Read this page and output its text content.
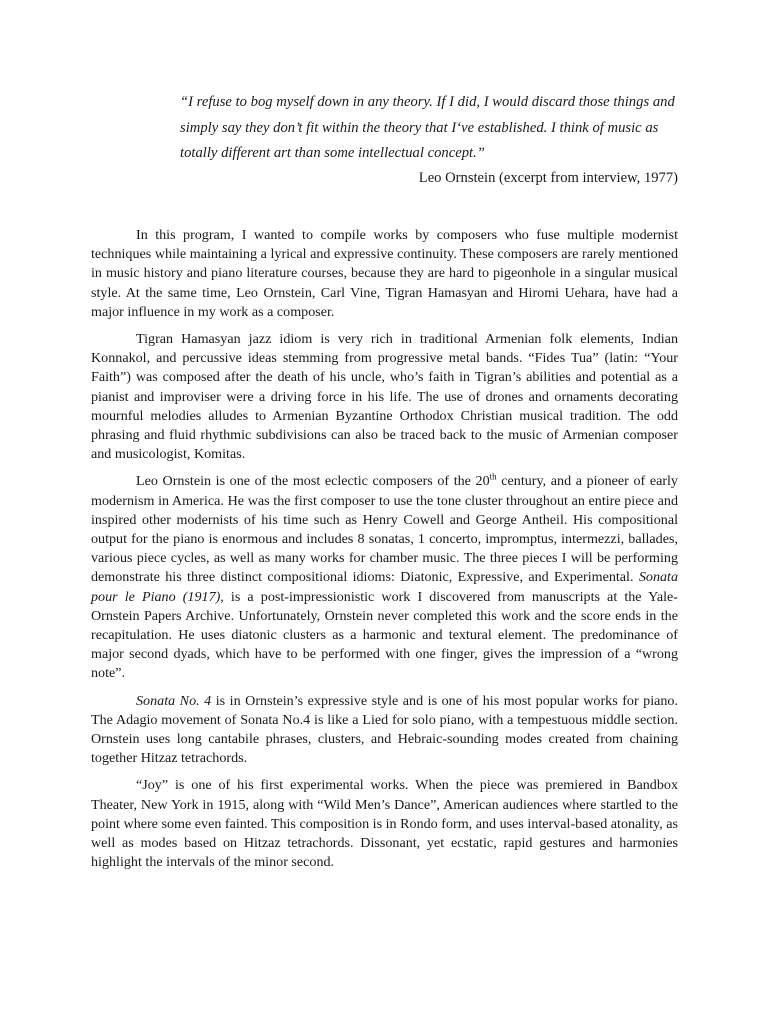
“I refuse to bog myself down in any theory. If I did, I would discard those things and simply say they don’t fit within the theory that I‘ve established. I think of music as totally different art than some intellectual concept.”

Leo Ornstein (excerpt from interview, 1977)

In this program, I wanted to compile works by composers who fuse multiple modernist techniques while maintaining a lyrical and expressive continuity. These composers are rarely mentioned in music history and piano literature courses, because they are hard to pigeonhole in a singular musical style. At the same time, Leo Ornstein, Carl Vine, Tigran Hamasyan and Hiromi Uehara, have had a major influence in my work as a composer.

Tigran Hamasyan jazz idiom is very rich in traditional Armenian folk elements, Indian Konnakol, and percussive ideas stemming from progressive metal bands. “Fides Tua” (latin: “Your Faith”) was composed after the death of his uncle, who’s faith in Tigran’s abilities and potential as a pianist and improviser were a driving force in his life. The use of drones and ornaments decorating mournful melodies alludes to Armenian Byzantine Orthodox Christian musical tradition. The odd phrasing and fluid rhythmic subdivisions can also be traced back to the music of Armenian composer and musicologist, Komitas.

Leo Ornstein is one of the most eclectic composers of the 20th century, and a pioneer of early modernism in America. He was the first composer to use the tone cluster throughout an entire piece and inspired other modernists of his time such as Henry Cowell and George Antheil. His compositional output for the piano is enormous and includes 8 sonatas, 1 concerto, impromptus, intermezzi, ballades, various piece cycles, as well as many works for chamber music. The three pieces I will be performing demonstrate his three distinct compositional idioms: Diatonic, Expressive, and Experimental. Sonata pour le Piano (1917), is a post-impressionistic work I discovered from manuscripts at the Yale- Ornstein Papers Archive. Unfortunately, Ornstein never completed this work and the score ends in the recapitulation. He uses diatonic clusters as a harmonic and textural element. The predominance of major second dyads, which have to be performed with one finger, gives the impression of a “wrong note”.

Sonata No. 4 is in Ornstein’s expressive style and is one of his most popular works for piano. The Adagio movement of Sonata No.4 is like a Lied for solo piano, with a tempestuous middle section. Ornstein uses long cantabile phrases, clusters, and Hebraic-sounding modes created from chaining together Hitzaz tetrachords.

“Joy” is one of his first experimental works. When the piece was premiered in Bandbox Theater, New York in 1915, along with “Wild Men’s Dance”, American audiences where startled to the point where some even fainted. This composition is in Rondo form, and uses interval-based atonality, as well as modes based on Hitzaz tetrachords. Dissonant, yet ecstatic, rapid gestures and harmonies highlight the intervals of the minor second.
